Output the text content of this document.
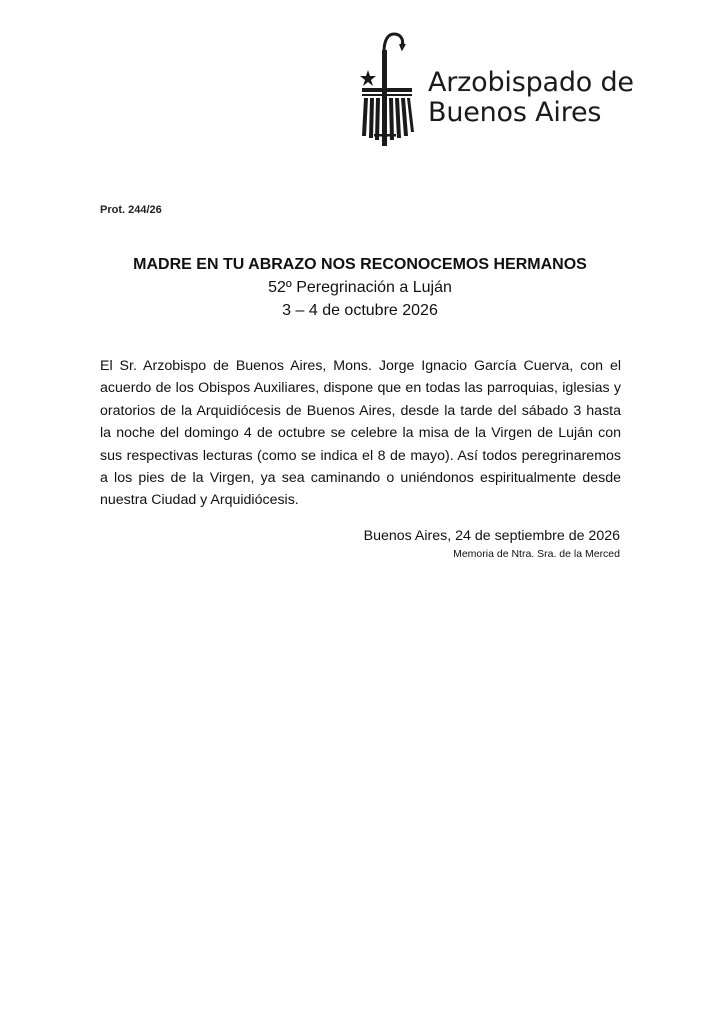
Arzobispado de
Buenos Aires
Prot. 244/26

MADRE EN TU ABRAZO NOS RECONOCEMOS HERMANOS

52º Peregrinación a Luján

3 – 4 de octubre 2026

El Sr. Arzobispo de Buenos Aires, Mons. Jorge Ignacio García Cuerva, con el acuerdo de los Obispos Auxiliares, dispone que en todas las parroquias, iglesias y oratorios de la Arquidiócesis de Buenos Aires, desde la tarde del sábado 3 hasta la noche del domingo 4 de octubre se celebre la misa de la Virgen de Luján con sus respectivas lecturas (como se indica el 8 de mayo). Así todos peregrinaremos a los pies de la Virgen, ya sea caminando o uniéndonos espiritualmente desde nuestra Ciudad y Arquidiócesis.

Buenos Aires, 24 de septiembre de 2026
Memoria de Ntra. Sra. de la Merced
